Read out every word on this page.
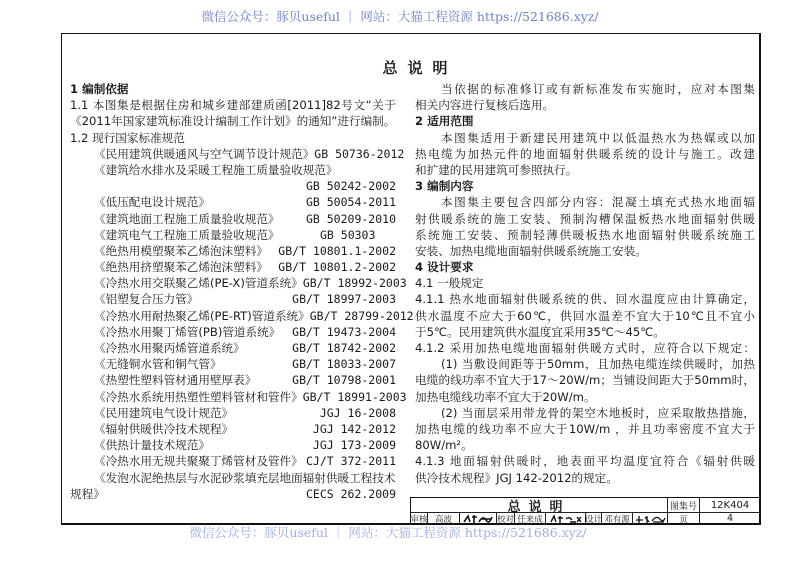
微信公众号：豚贝useful ｜ 网站：大猫工程资源 https://521686.xyz/
总说明
1 编制依据
1.1 本图集是根据住房和城乡建部建质函[2011]82号文“关于
《2011年国家建筑标准设计编制工作计划》的通知”进行编制。
1.2 现行国家标准规范
《民用建筑供暖通风与空气调节设计规范》 GB 50736-2012
《建筑给水排水及采暖工程施工质量验收规范》
GB 50242-2002
《低压配电设计规范》	GB 50054-2011
《建筑地面工程施工质量验收规范》 GB 50209-2010
《建筑电气工程施工质量验收规范》	GB 50303
《绝热用模塑聚苯乙烯泡沫塑料》 GB/T 10801.1-2002
《绝热用挤塑聚苯乙烯泡沫塑料》 GB/T 10801.2-2002
《冷热水用交联聚乙烯(PE-X)管道系统》 GB/T 18992-2003
《铝塑复合压力管》	GB/T 18997-2003
《冷热水用耐热聚乙烯(PE-RT)管道系统》 GB/T 28799-2012
《冷热水用聚丁烯管(PB)管道系统》 GB/T 19473-2004
《冷热水用聚丙烯管道系统》	GB/T 18742-2002
《无缝铜水管和铜气管》	GB/T 18033-2007
《热塑性塑料管材通用壁厚表》	GB/T 10798-2001
《冷热水系统用热塑性塑料管材和管件》 GB/T 18991-2003
《民用建筑电气设计规范》	JGJ 16-2008
《辐射供暖供冷技术规程》	JGJ 142-2012
《供热计量技术规范》	JGJ 173-2009
《冷热水用无规共聚聚丁烯管材及管件》 CJ/T 372-2011
《发泡水泥绝热层与水泥砂浆填充层地面辐射供暖工程技术
规程》	CECS 262.2009
当依据的标准修订或有新标准发布实施时，应对本图集
相关内容进行复核后选用。
2 适用范围
本图集适用于新建民用建筑中以低温热水为热媒或以加
热电缆为加热元件的地面辐射供暖系统的设计与施工。改建
和扩建的民用建筑可参照执行。
3 编制内容
本图集主要包含四部分内容：混凝土填充式热水地面辐
射供暖系统的施工安装、预制沟槽保温板热水地面辐射供暖
系统施工安装、预制轻薄供暖板热水地面辐射供暖系统施工
安装、加热电缆地面辐射供暖系统施工安装。
4 设计要求
4.1 一般规定
4.1.1 热水地面辐射供暖系统的供、回水温度应由计算确定，
供水温度不应大于60℃，供回水温差不宜大于10℃且不宜小
于5℃。民用建筑供水温度宜采用35℃～45℃。
4.1.2 采用加热电缆地面辐射供暖方式时，应符合以下规定：
(1) 当敷设间距等于50mm，且加热电缆连续供暖时，加热
电缆的线功率不宜大于17～20W/m；当铺设间距大于50mm时，
加热电缆线功率不宜大于20W/m。
(2) 当面层采用带龙骨的架空木地板时，应采取散热措施，
加热电缆的线功率不应大于10W/m ，并且功率密度不宜大于
80W/m²。
4.1.3 地面辐射供暖时，地表面平均温度宜符合《辐射供暖
供冷技术规程》JGJ 142-2012的规定。
总说明	图集号	12K404
审核 高波	校对 任来成	设计 邓有源	页	4
微信公众号：豚贝useful ｜ 网站：大猫工程资源 https://521686.xyz/
